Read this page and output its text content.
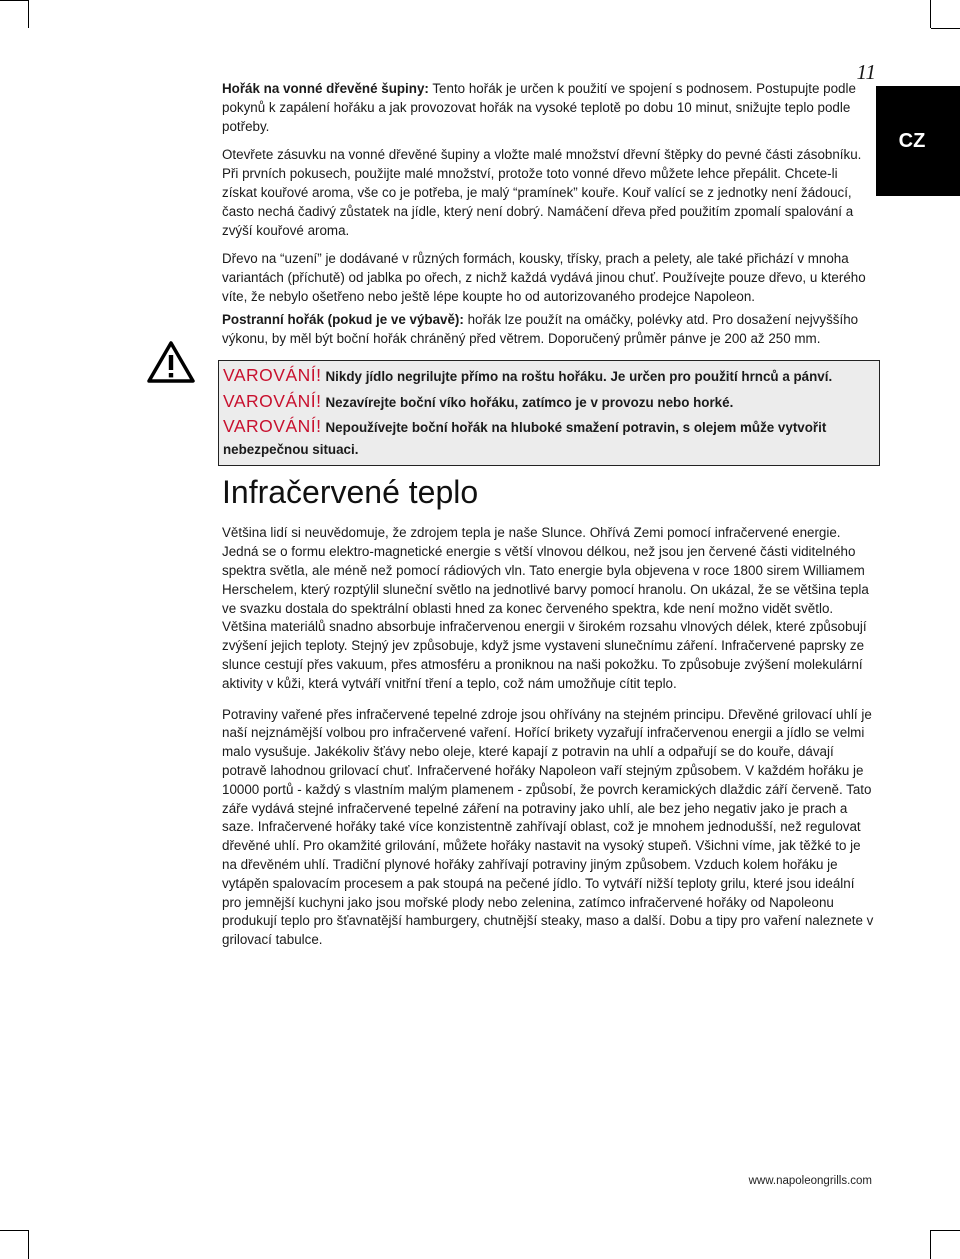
11
CZ

Hořák na vonné dřevěné šupiny: Tento hořák je určen k použití ve spojení s podnosem. Postupujte podle pokynů k zapálení hořáku a jak provozovat hořák na vysoké teplotě po dobu 10 minut, snižujte teplo podle potřeby.

Otevřete zásuvku na vonné dřevěné šupiny a vložte malé množství dřevní štěpky do pevné části zásobníku. Při prvních pokusech, použijte malé množství, protože toto vonné dřevo můžete lehce přepálit. Chcete-li získat kouřové aroma, vše co je potřeba, je malý “pramínek” kouře. Kouř valící se z jednotky není žádoucí, často nechá čadivý zůstatek na jídle, který není dobrý. Namáčení dřeva před použitím zpomalí spalování a zvýší kouřové aroma.

Dřevo na “uzení” je dodávané v různých formách, kousky, třísky, prach a pelety, ale také přichází v mnoha variantách (příchutě) od jablka po ořech, z nichž každá vydává jinou chuť. Používejte pouze dřevo, u kterého víte, že nebylo ošetřeno nebo ještě lépe koupte ho od autorizovaného prodejce Napoleon.

Postranní hořák (pokud je ve výbavě): hořák lze použít na omáčky, polévky atd. Pro dosažení nejvyššího výkonu, by měl být boční hořák chráněný před větrem. Doporučený průměr pánve je 200 až 250 mm.

VAROVÁNÍ! Nikdy jídlo negrilujte přímo na roštu hořáku. Je určen pro použití hrnců a pánví.

VAROVÁNÍ! Nezavírejte boční víko hořáku, zatímco je v provozu nebo horké.

VAROVÁNÍ! Nepoužívejte boční hořák na hluboké smažení potravin, s olejem může vytvořit nebezpečnou situaci.

Infračervené teplo

Většina lidí si neuvědomuje, že zdrojem tepla je naše Slunce. Ohřívá Zemi pomocí infračervené energie. Jedná se o formu elektro-magnetické energie s větší vlnovou délkou, než jsou jen červené části viditelného spektra světla, ale méně než pomocí rádiových vln. Tato energie byla objevena v roce 1800 sirem Williamem Herschelem, který rozptýlil sluneční světlo na jednotlivé barvy pomocí hranolu. On ukázal, že se většina tepla ve svazku dostala do spektrální oblasti hned za konec červeného spektra, kde není možno vidět světlo. Většina materiálů snadno absorbuje infračervenou energii v širokém rozsahu vlnových délek, které způsobují zvýšení jejich teploty. Stejný jev způsobuje, když jsme vystaveni slunečnímu záření. Infračervené paprsky ze slunce cestují přes vakuum, přes atmosféru a proniknou na naši pokožku. To způsobuje zvýšení molekulární aktivity v kůži, která vytváří vnitřní tření a teplo, což nám umožňuje cítit teplo.

Potraviny vařené přes infračervené tepelné zdroje jsou ohřívány na stejném principu. Dřevěné grilovací uhlí je naší nejznámější volbou pro infračervené vaření. Hořící brikety vyzařují infračervenou energii a jídlo se velmi malo vysušuje. Jakékoliv šťávy nebo oleje, které kapají z potravin na uhlí a odpařují se do kouře, dávají potravě lahodnou grilovací chuť. Infračervené hořáky Napoleon vaří stejným způsobem. V každém hořáku je 10000 portů - každý s vlastním malým plamenem - způsobí, že povrch keramických dlaždic září červeně. Tato záře vydává stejné infračervené tepelné záření na potraviny jako uhlí, ale bez jeho negativ jako je prach a saze. Infračervené hořáky také více konzistentně zahřívají oblast, což je mnohem jednodušší, než regulovat dřevěné uhlí. Pro okamžité grilování, můžete hořáky nastavit na vysoký stupeň. Všichni víme, jak těžké to je na dřevěném uhlí. Tradiční plynové hořáky zahřívají potraviny jiným způsobem. Vzduch kolem hořáku je vytápěn spalovacím procesem a pak stoupá na pečené jídlo. To vytváří nižší teploty grilu, které jsou ideální pro jemnější kuchyni jako jsou mořské plody nebo zelenina, zatímco infračervené hořáky od Napoleonu produkují teplo pro šťavnatější hamburgery, chutnější steaky, maso a další. Dobu a tipy pro vaření naleznete v grilovací tabulce.

www.napoleongrills.com
